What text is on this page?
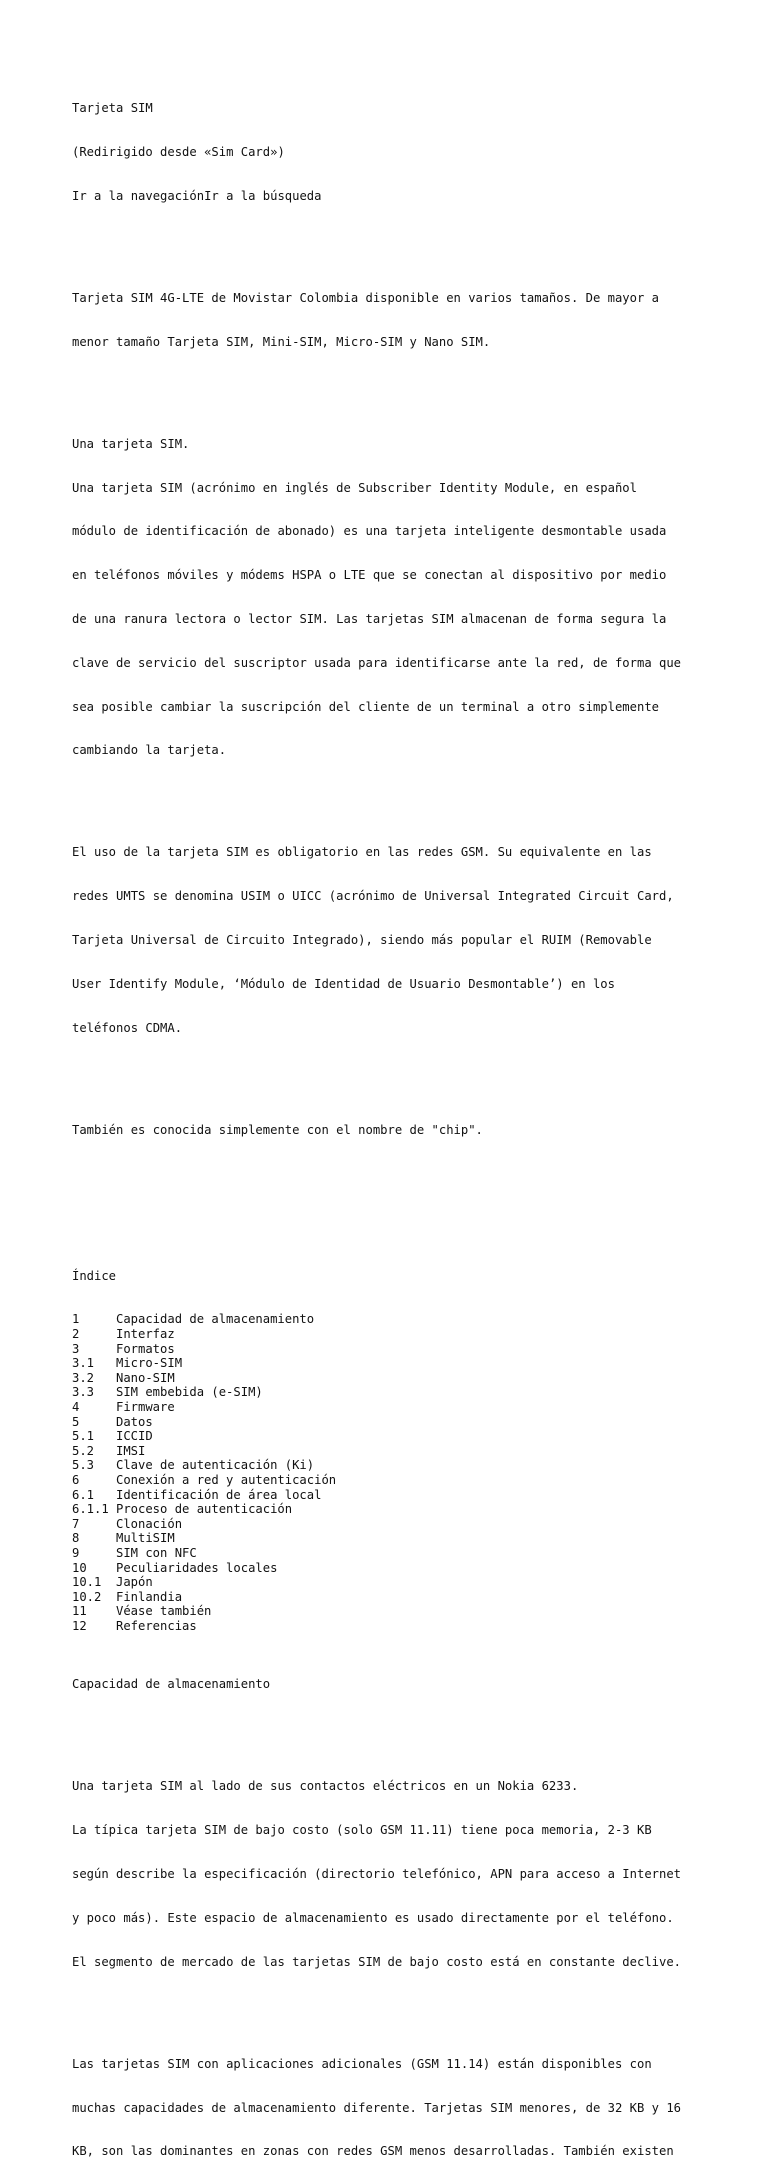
Tarjeta SIM

(Redirigido desde «Sim Card»)

Ir a la navegaciónIr a la búsqueda

Tarjeta SIM 4G-LTE de Movistar Colombia disponible en varios tamaños. De mayor a

menor tamaño Tarjeta SIM, Mini-SIM, Micro-SIM y Nano SIM.

Una tarjeta SIM.

Una tarjeta SIM (acrónimo en inglés de Subscriber Identity Module, en español

módulo de identificación de abonado) es una tarjeta inteligente desmontable usada

en teléfonos móviles y módems HSPA o LTE que se conectan al dispositivo por medio

de una ranura lectora o lector SIM. Las tarjetas SIM almacenan de forma segura la

clave de servicio del suscriptor usada para identificarse ante la red, de forma que

sea posible cambiar la suscripción del cliente de un terminal a otro simplemente

cambiando la tarjeta.

El uso de la tarjeta SIM es obligatorio en las redes GSM. Su equivalente en las

redes UMTS se denomina USIM o UICC (acrónimo de Universal Integrated Circuit Card,

Tarjeta Universal de Circuito Integrado), siendo más popular el RUIM (Removable

User Identify Module, ‘Módulo de Identidad de Usuario Desmontable’) en los

teléfonos CDMA.

También es conocida simplemente con el nombre de "chip".

Índice

1	Capacidad de almacenamiento
2	Interfaz
3	Formatos
3.1	Micro-SIM
3.2	Nano-SIM
3.3	SIM embebida (e-SIM)
4	Firmware
5	Datos
5.1	ICCID
5.2	IMSI
5.3	Clave de autenticación (Ki)
6	Conexión a red y autenticación
6.1	Identificación de área local
6.1.1 Proceso de autenticación
7	Clonación
8	MultiSIM
9	SIM con NFC
10	Peculiaridades locales
10.1	Japón
10.2	Finlandia
11	Véase también
12	Referencias

Capacidad de almacenamiento

Una tarjeta SIM al lado de sus contactos eléctricos en un Nokia 6233.

La típica tarjeta SIM de bajo costo (solo GSM 11.11) tiene poca memoria, 2-3 KB

según describe la especificación (directorio telefónico, APN para acceso a Internet

y poco más). Este espacio de almacenamiento es usado directamente por el teléfono.

El segmento de mercado de las tarjetas SIM de bajo costo está en constante declive.

Las tarjetas SIM con aplicaciones adicionales (GSM 11.14) están disponibles con

muchas capacidades de almacenamiento diferente. Tarjetas SIM menores, de 32 KB y 16

KB, son las dominantes en zonas con redes GSM menos desarrolladas. También existen
